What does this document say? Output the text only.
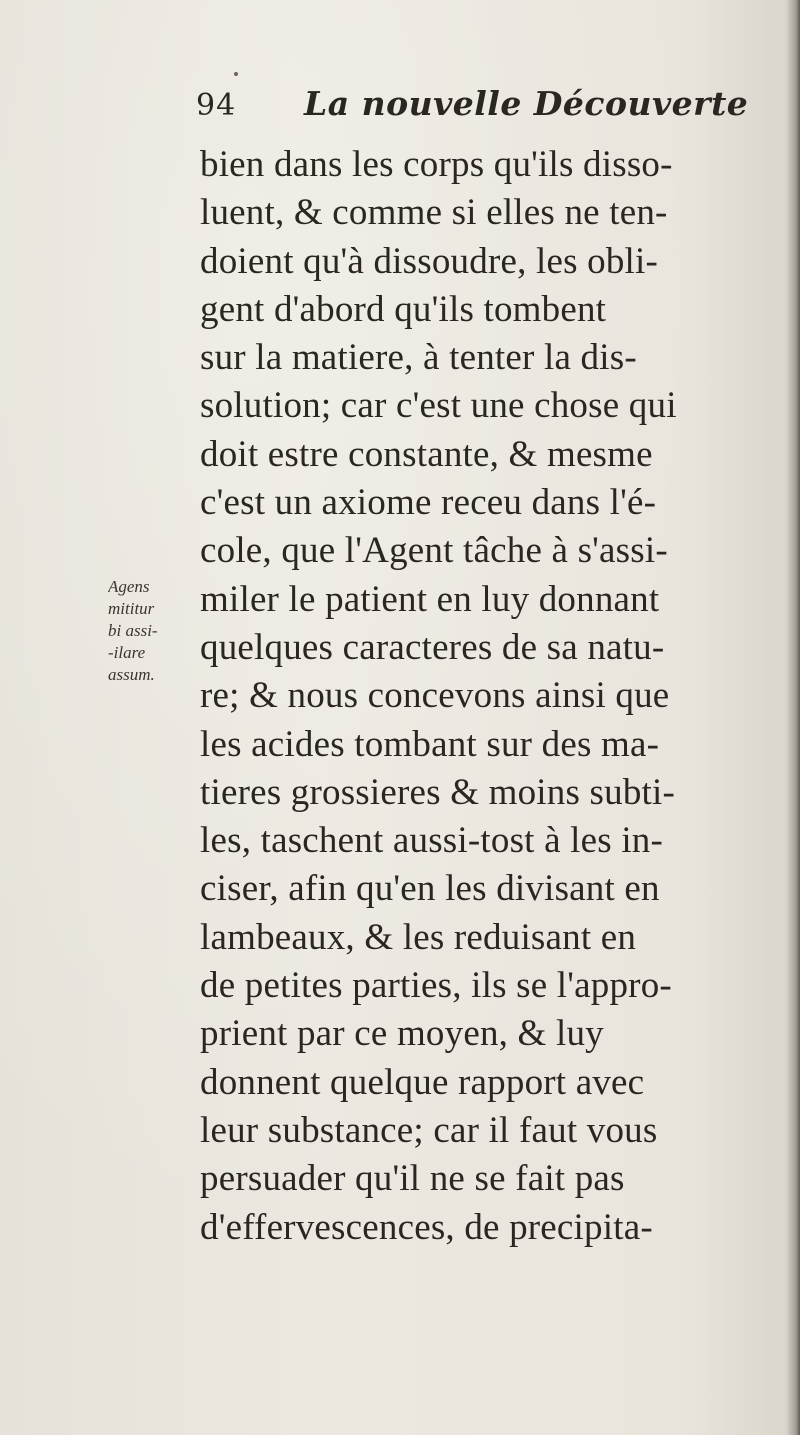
94 La nouvelle Découverte
Agens
mititur
bi assi-
-ilare
assum.
bien dans les corps qu'ils disso-
luent, & comme si elles ne ten-
doient qu'à dissoudre, les obli-
gent d'abord qu'ils tombent
sur la matiere, à tenter la dis-
solution; car c'est une chose qui
doit estre constante, & mesme
c'est un axiome receu dans l'é-
cole, que l'Agent tâche à s'assi-
miler le patient en luy donnant
quelques caracteres de sa natu-
re; & nous concevons ainsi que
les acides tombant sur des ma-
tieres grossieres & moins subti-
les, taschent aussi-tost à les in-
ciser, afin qu'en les divisant en
lambeaux, & les reduisant en
de petites parties, ils se l'appro-
prient par ce moyen, & luy
donnent quelque rapport avec
leur substance; car il faut vous
persuader qu'il ne se fait pas
d'effervescences, de precipita-
